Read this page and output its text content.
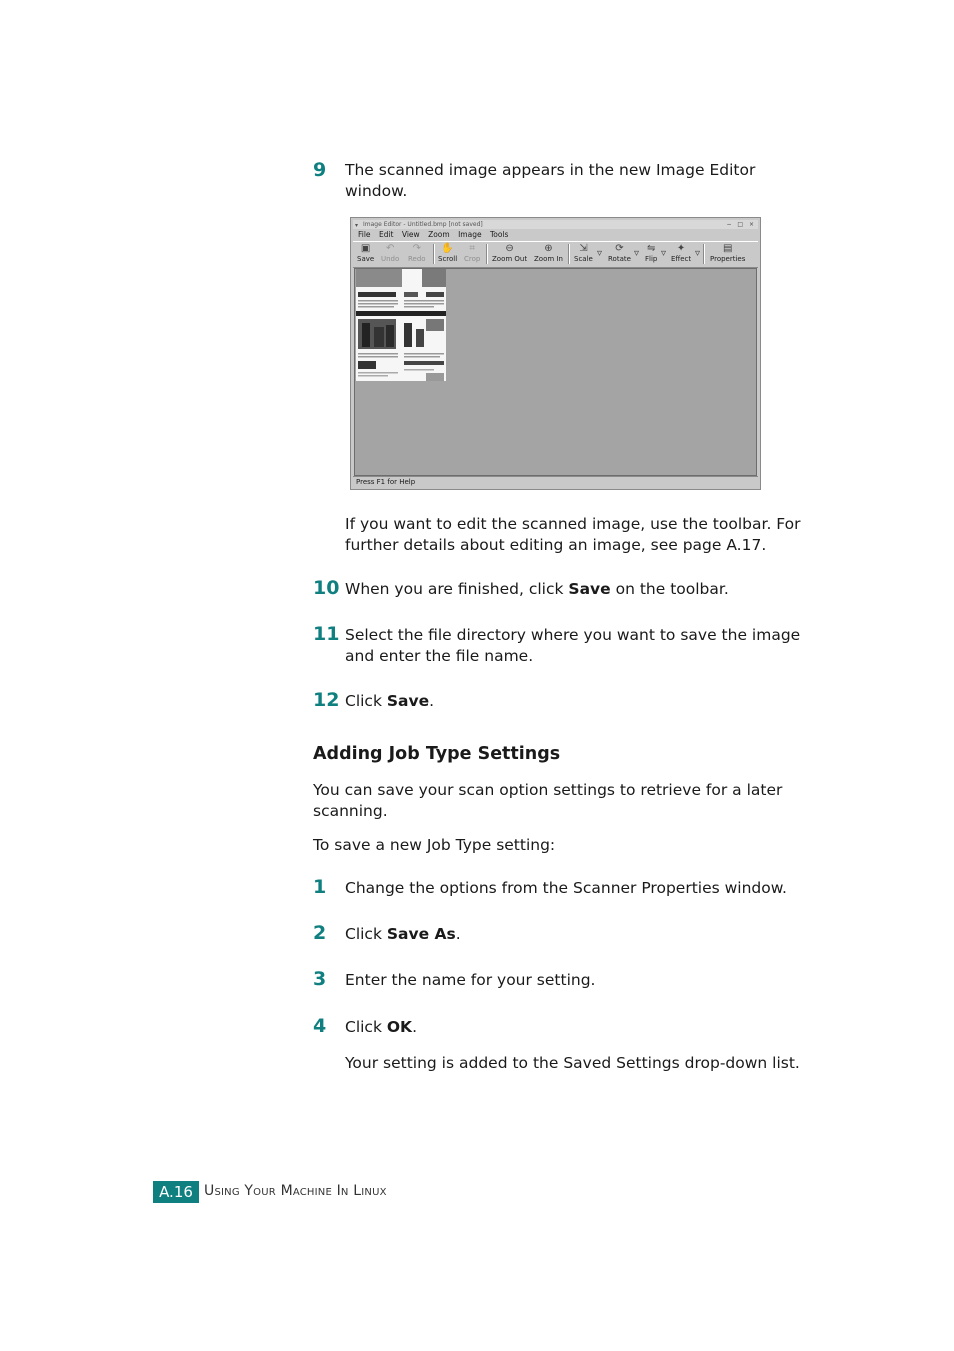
9 The scanned image appears in the new Image Editor window.

▾ Image Editor - Untitled.bmp [not saved]	− □ ×
File Edit View Zoom Image Tools
▣
Save
↶
Undo
↷
Redo
✋
Scroll
⌗
Crop
⊖
Zoom Out
⊕
Zoom In
⇲
Scale ▿	⟳
Rotate ▿ ⇋
Flip ▿	✦
Effect ▿	▤
Properties
Press F1 for Help

If you want to edit the scanned image, use the toolbar. For further details about editing an image, see page A.17.

10 When you are finished, click Save on the toolbar.

11 Select the file directory where you want to save the image and enter the file name.

12 Click Save.

Adding Job Type Settings

You can save your scan option settings to retrieve for a later scanning.

To save a new Job Type setting:

1 Change the options from the Scanner Properties window.

2 Click Save As.

3 Enter the name for your setting.

4 Click OK.

Your setting is added to the Saved Settings drop-down list.

A.16 Using Your Machine In Linux
